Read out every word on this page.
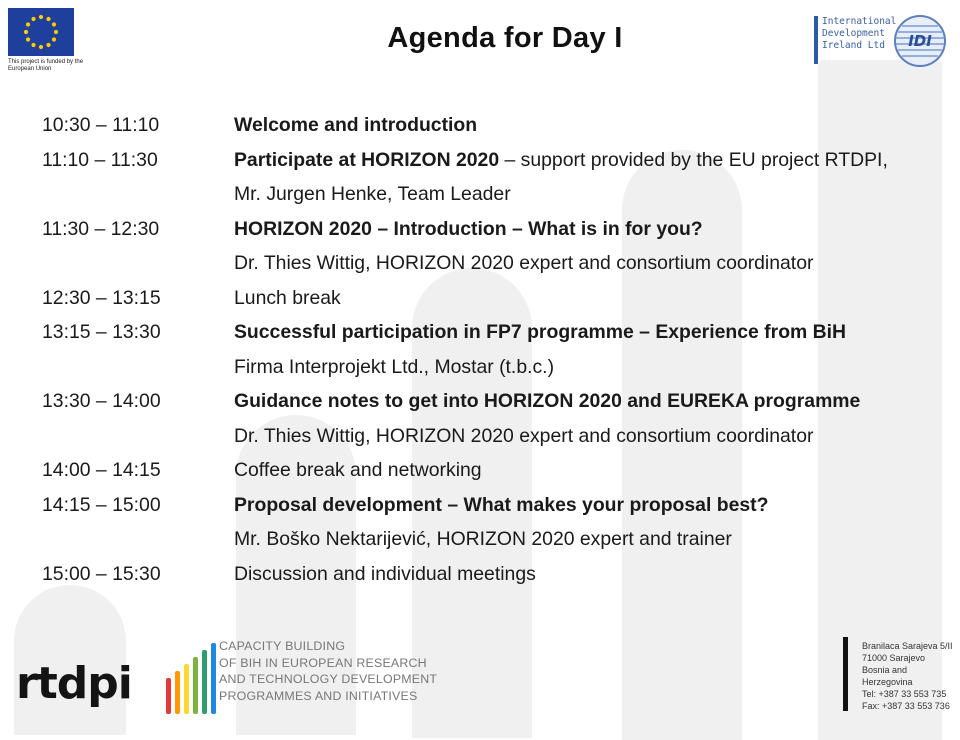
This project is funded by the European Union
Agenda for Day I
International
Development
Ireland Ltd	IDI
10:30 – 11:10	Welcome and introduction
11:10 – 11:30	Participate at HORIZON 2020 – support provided by the EU project RTDPI,
Mr. Jurgen Henke, Team Leader
11:30 – 12:30	HORIZON 2020 – Introduction – What is in for you?
Dr. Thies Wittig, HORIZON 2020 expert and consortium coordinator
12:30 – 13:15	Lunch break
13:15 – 13:30	Successful participation in FP7 programme – Experience from BiH
Firma Interprojekt Ltd., Mostar (t.b.c.)
13:30 – 14:00	Guidance notes to get into HORIZON 2020 and EUREKA programme
Dr. Thies Wittig, HORIZON 2020 expert and consortium coordinator
14:00 – 14:15	Coffee break and networking
14:15 – 15:00	Proposal development – What makes your proposal best?
Mr. Boško Nektarijević, HORIZON 2020 expert and trainer
15:00 – 15:30	Discussion and individual meetings
rtdpi
CAPACITY BUILDING
OF BIH IN EUROPEAN RESEARCH
AND TECHNOLOGY DEVELOPMENT
PROGRAMMES AND INITIATIVES
Branilaca Sarajeva 5/II
71000 Sarajevo
Bosnia and Herzegovina
Tel: +387 33 553 735
Fax: +387 33 553 736
